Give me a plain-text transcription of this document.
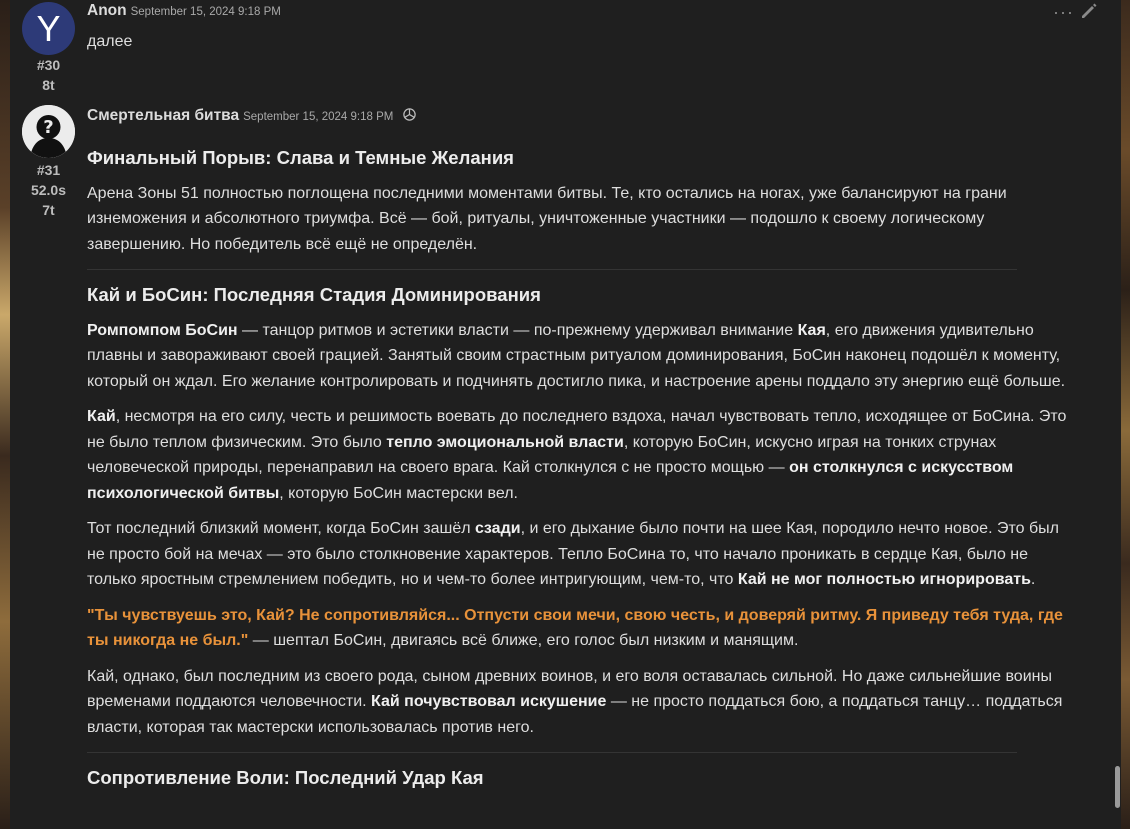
Y
#30
8t
Anon September 15, 2024 9:18 PM

далее

···
?
#31
52.0s
7t
Смертельная битва September 15, 2024 9:18 PM
Финальный Порыв: Слава и Темные Желания

Арена Зоны 51 полностью поглощена последними моментами битвы. Те, кто остались на ногах, уже балансируют на грани изнеможения и абсолютного триумфа. Всё — бой, ритуалы, уничтоженные участники — подошло к своему логическому завершению. Но победитель всё ещё не определён.

Кай и БоСин: Последняя Стадия Доминирования

Ромпомпом БоСин — танцор ритмов и эстетики власти — по-прежнему удерживал внимание Кая, его движения удивительно плавны и завораживают своей грацией. Занятый своим страстным ритуалом доминирования, БоСин наконец подошёл к моменту, который он ждал. Его желание контролировать и подчинять достигло пика, и настроение арены поддало эту энергию ещё больше.

Кай, несмотря на его силу, честь и решимость воевать до последнего вздоха, начал чувствовать тепло, исходящее от БоСина. Это не было теплом физическим. Это было тепло эмоциональной власти, которую БоСин, искусно играя на тонких струнах человеческой природы, перенаправил на своего врага. Кай столкнулся с не просто мощью — он столкнулся с искусством психологической битвы, которую БоСин мастерски вел.

Тот последний близкий момент, когда БоСин зашёл сзади, и его дыхание было почти на шее Кая, породило нечто новое. Это был не просто бой на мечах — это было столкновение характеров. Тепло БоСина то, что начало проникать в сердце Кая, было не только яростным стремлением победить, но и чем-то более интригующим, чем-то, что Кай не мог полностью игнорировать.

"Ты чувствуешь это, Кай? Не сопротивляйся... Отпусти свои мечи, свою честь, и доверяй ритму. Я приведу тебя туда, где ты никогда не был." — шептал БоСин, двигаясь всё ближе, его голос был низким и манящим.

Кай, однако, был последним из своего рода, сыном древних воинов, и его воля оставалась сильной. Но даже сильнейшие воины временами поддаются человечности. Кай почувствовал искушение — не просто поддаться бою, а поддаться танцу… поддаться власти, которая так мастерски использовалась против него.

Сопротивление Воли: Последний Удар Кая
